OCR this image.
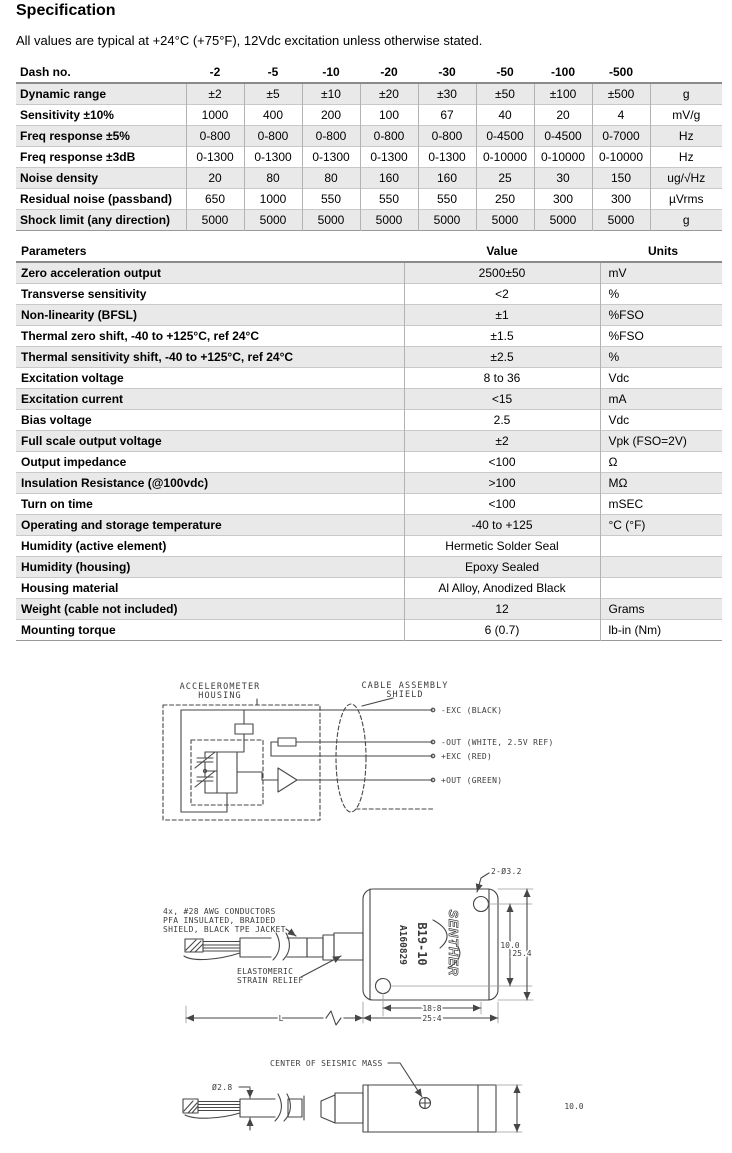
Specification
All values are typical at +24°C (+75°F), 12Vdc excitation unless otherwise stated.
Dash no.	-2	-5	-10	-20	-30	-50	-100	-500	
Dynamic range	±2	±5	±10	±20	±30	±50	±100	±500	g
Sensitivity ±10%	1000	400	200	100	67	40	20	4	mV/g
Freq response ±5%	0-800	0-800	0-800	0-800	0-800	0-4500	0-4500	0-7000	Hz
Freq response ±3dB	0-1300	0-1300	0-1300	0-1300	0-1300	0-10000	0-10000	0-10000	Hz
Noise density	20	80	80	160	160	25	30	150	ug/√Hz
Residual noise (passband)	650	1000	550	550	550	250	300	300	µVrms
Shock limit (any direction)	5000	5000	5000	5000	5000	5000	5000	5000	g
Parameters	Value	Units
Zero acceleration output	2500±50	mV
Transverse sensitivity	<2	%
Non-linearity (BFSL)	±1	%FSO
Thermal zero shift, -40 to +125°C, ref 24°C	±1.5	%FSO
Thermal sensitivity shift, -40 to +125°C, ref 24°C	±2.5	%
Excitation voltage	8 to 36	Vdc
Excitation current	<15	mA
Bias voltage	2.5	Vdc
Full scale output voltage	±2	Vpk (FSO=2V)
Output impedance	<100	Ω
Insulation Resistance (@100vdc)	>100	MΩ
Turn on time	<100	mSEC
Operating and storage temperature	-40 to +125	°C (°F)
Humidity (active element)	Hermetic Solder Seal	
Humidity (housing)	Epoxy Sealed	
Housing material	Al Alloy, Anodized Black	
Weight (cable not included)	12	Grams
Mounting torque	6 (0.7)	lb-in (Nm)
ACCELEROMETER
HOUSING
CABLE ASSEMBLY
SHIELD
-EXC (BLACK)
-OUT (WHITE, 2.5V REF)
+EXC (RED)
+OUT (GREEN)
4x, #28 AWG CONDUCTORS
PFA INSULATED, BRAIDED
SHIELD, BLACK TPE JACKET
ELASTOMERIC
STRAIN RELIEF
2-Ø3.2
10.0
25.4
18.8
25.4
L
A160829 B19-10 SENTHER
CENTER OF SEISMIC MASS
Ø2.8
10.0
